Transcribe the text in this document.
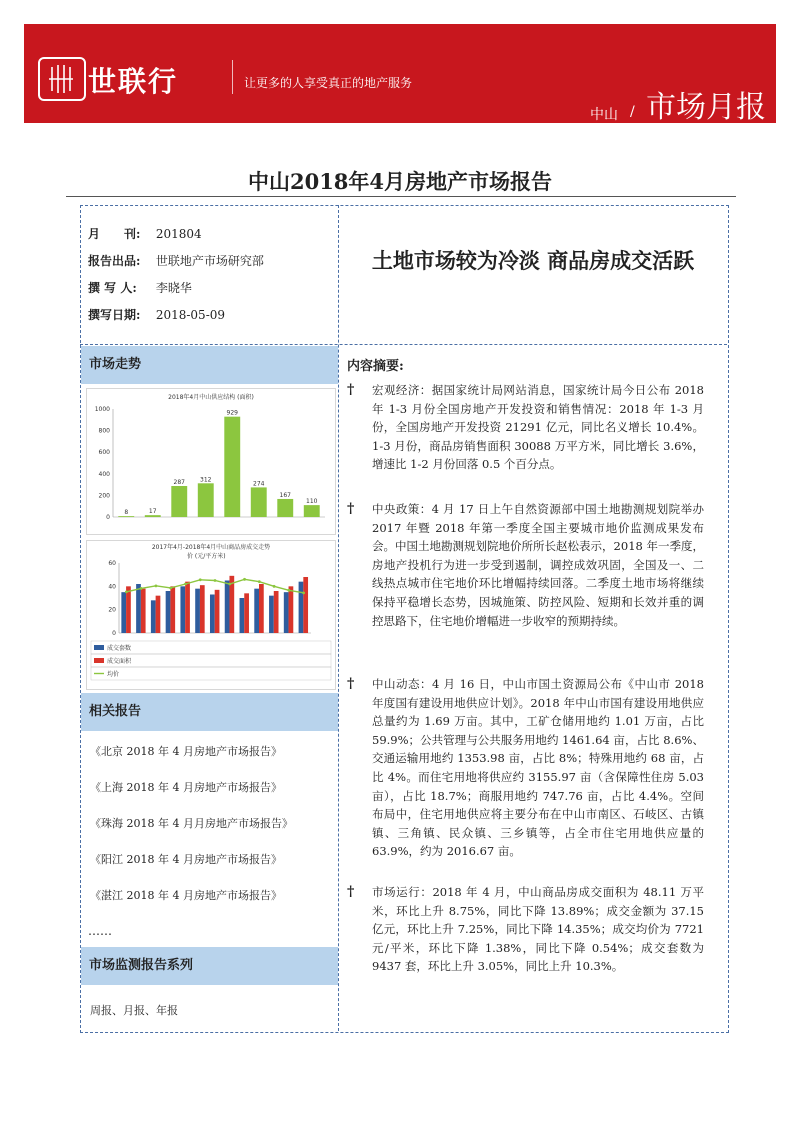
世联行	让更多的人享受真正的地产服务
中山 / 市场月报
中山2018年4月房地产市场报告
月　　刊: 201804
报告出品: 世联地产市场研究部
撰 写 人: 李晓华
撰写日期: 2018-05-09
土地市场较为冷淡 商品房成交活跃
市场走势
2018年4月中山供应结构 (面积)
0
200
400
600
800
1000
8	17
287	312
929
274
167
110
2017年4月-2018年4月中山商品房成交走势
价 (元/平方米)
0
20
40
60
成交套数
成交面积
均价
相关报告
《北京 2018 年 4 月房地产市场报告》
《上海 2018 年 4 月房地产市场报告》
《珠海 2018 年 4 月月房地产市场报告》
《阳江 2018 年 4 月房地产市场报告》
《湛江 2018 年 4 月房地产市场报告》
……
市场监测报告系列
周报、月报、年报
内容摘要:
† 宏观经济：据国家统计局网站消息，国家统计局今日公布 2018 年 1-3 月份全国房地产开发投资和销售情况：2018 年 1-3 月份，全国房地产开发投资 21291 亿元，同比名义增长 10.4%。1-3 月份，商品房销售面积 30088 万平方米，同比增长 3.6%，增速比 1-2 月份回落 0.5 个百分点。
† 中央政策：4 月 17 日上午自然资源部中国土地勘测规划院举办 2017 年暨 2018 年第一季度全国主要城市地价监测成果发布会。中国土地勘测规划院地价所所长赵松表示，2018 年一季度，房地产投机行为进一步受到遏制，调控成效巩固，全国及一、二线热点城市住宅地价环比增幅持续回落。二季度土地市场将继续保持平稳增长态势，因城施策、防控风险、短期和长效并重的调控思路下，住宅地价增幅进一步收窄的预期持续。
† 中山动态：4 月 16 日，中山市国土资源局公布《中山市 2018 年度国有建设用地供应计划》。2018 年中山市国有建设用地供应总量约为 1.69 万亩。其中，工矿仓储用地约 1.01 万亩，占比 59.9%；公共管理与公共服务用地约 1461.64 亩，占比 8.6%、交通运输用地约 1353.98 亩，占比 8%；特殊用地约 68 亩，占比 4%。而住宅用地将供应约 3155.97 亩（含保障性住房 5.03 亩），占比 18.7%；商服用地约 747.76 亩，占比 4.4%。空间布局中，住宅用地供应将主要分布在中山市南区、石岐区、古镇镇、三角镇、民众镇、三乡镇等，占全市住宅用地供应量的 63.9%，约为 2016.67 亩。
† 市场运行：2018 年 4 月，中山商品房成交面积为 48.11 万平米，环比上升 8.75%，同比下降 13.89%；成交金额为 37.15 亿元，环比上升 7.25%，同比下降 14.35%；成交均价为 7721 元/平米，环比下降 1.38%，同比下降 0.54%；成交套数为 9437 套，环比上升 3.05%，同比上升 10.3%。
